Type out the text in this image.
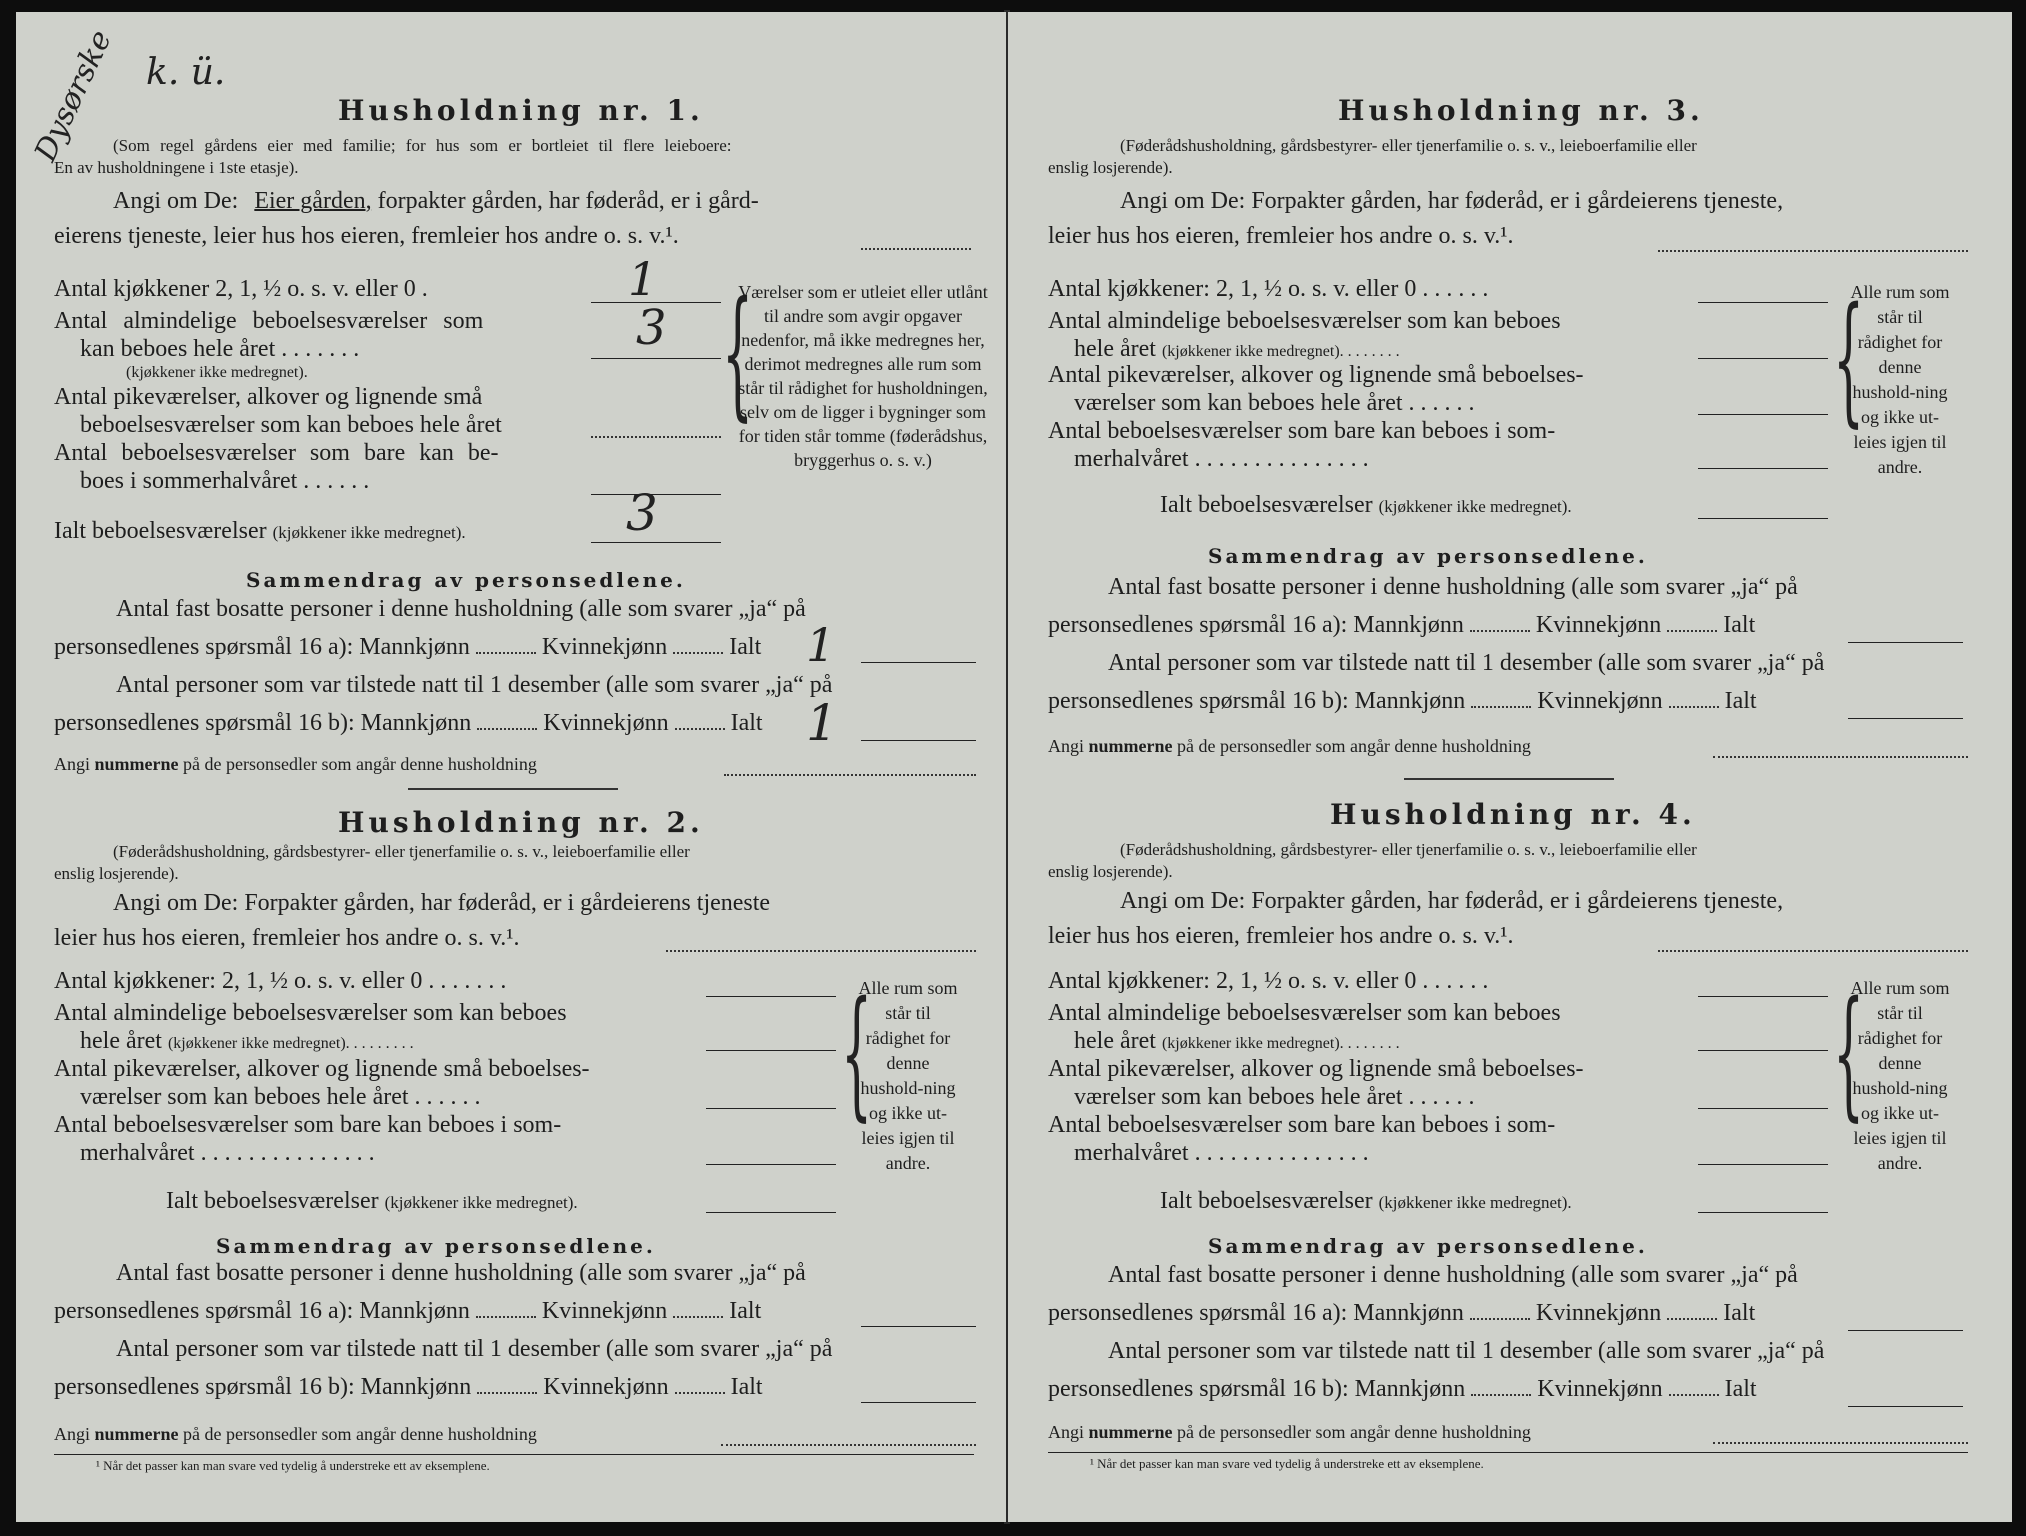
Dysørske k. ü.
Husholdning nr. 1.
(Som regel gårdens eier med familie; for hus som er bortleiet til flere leieboere:
En av husholdningene i 1ste etasje).
Angi om De: Eier gården, forpakter gården, har føderåd, er i gård-
eierens tjeneste, leier hus hos eieren, fremleier hos andre o. s. v.¹.
Antal kjøkkener 2, 1, ½ o. s. v. eller 0 .	1
Antal almindelige beboelsesværelser som
kan beboes hele året . . . . . . .
(kjøkkener ikke medregnet).
3
Antal pikeværelser, alkover og lignende små
beboelsesværelser som kan beboes hele året
Antal beboelsesværelser som bare kan be-
boes i sommerhalvåret . . . . . .
Ialt beboelsesværelser (kjøkkener ikke medregnet).	3
{
Værelser som er utleiet eller utlånt til andre som avgir opgaver nedenfor, må ikke medregnes her, derimot medregnes alle rum som står til rådighet for husholdningen, selv om de ligger i bygninger som for tiden står tomme (føderådshus, bryggerhus o. s. v.)
Sammendrag av personsedlene.
Antal fast bosatte personer i denne husholdning (alle som svarer „ja“ på
personsedlenes spørsmål 16 a): Mannkjønn	Kvinnekjønn	Ialt 1
Antal personer som var tilstede natt til 1 desember (alle som svarer „ja“ på
personsedlenes spørsmål 16 b): Mannkjønn	Kvinnekjønn	Ialt 1
Angi nummerne på de personsedler som angår denne husholdning
Husholdning nr. 2.
(Føderådshusholdning, gårdsbestyrer- eller tjenerfamilie o. s. v., leieboerfamilie eller
enslig losjerende).
Angi om De: Forpakter gården, har føderåd, er i gårdeierens tjeneste
leier hus hos eieren, fremleier hos andre o. s. v.¹.
Antal kjøkkener: 2, 1, ½ o. s. v. eller 0 . . . . . . .
Antal almindelige beboelsesværelser som kan beboes
hele året (kjøkkener ikke medregnet). . . . . . . . .
Antal pikeværelser, alkover og lignende små beboelses-
værelser som kan beboes hele året . . . . . .
Antal beboelsesværelser som bare kan beboes i som-
merhalvåret . . . . . . . . . . . . . . .
Ialt beboelsesværelser (kjøkkener ikke medregnet).
{
Alle rum som står til rådighet for denne hushold-ning og ikke ut-leies igjen til andre.
Sammendrag av personsedlene.
Antal fast bosatte personer i denne husholdning (alle som svarer „ja“ på
personsedlenes spørsmål 16 a): Mannkjønn	Kvinnekjønn	Ialt
Antal personer som var tilstede natt til 1 desember (alle som svarer „ja“ på
personsedlenes spørsmål 16 b): Mannkjønn	Kvinnekjønn	Ialt
Angi nummerne på de personsedler som angår denne husholdning
¹ Når det passer kan man svare ved tydelig å understreke ett av eksemplene.
Husholdning nr. 3.
(Føderådshusholdning, gårdsbestyrer- eller tjenerfamilie o. s. v., leieboerfamilie eller
enslig losjerende).
Angi om De: Forpakter gården, har føderåd, er i gårdeierens tjeneste,
leier hus hos eieren, fremleier hos andre o. s. v.¹.
Antal kjøkkener: 2, 1, ½ o. s. v. eller 0 . . . . . .
Antal almindelige beboelsesværelser som kan beboes
hele året (kjøkkener ikke medregnet). . . . . . . .
Antal pikeværelser, alkover og lignende små beboelses-
værelser som kan beboes hele året . . . . . .
Antal beboelsesværelser som bare kan beboes i som-
merhalvåret . . . . . . . . . . . . . . .
Ialt beboelsesværelser (kjøkkener ikke medregnet).
{
Alle rum som står til rådighet for denne hushold-ning og ikke ut-leies igjen til andre.
Sammendrag av personsedlene.
Antal fast bosatte personer i denne husholdning (alle som svarer „ja“ på
personsedlenes spørsmål 16 a): Mannkjønn	Kvinnekjønn	Ialt
Antal personer som var tilstede natt til 1 desember (alle som svarer „ja“ på
personsedlenes spørsmål 16 b): Mannkjønn	Kvinnekjønn	Ialt
Angi nummerne på de personsedler som angår denne husholdning
Husholdning nr. 4.
(Føderådshusholdning, gårdsbestyrer- eller tjenerfamilie o. s. v., leieboerfamilie eller
enslig losjerende).
Angi om De: Forpakter gården, har føderåd, er i gårdeierens tjeneste,
leier hus hos eieren, fremleier hos andre o. s. v.¹.
Antal kjøkkener: 2, 1, ½ o. s. v. eller 0 . . . . . .
Antal almindelige beboelsesværelser som kan beboes
hele året (kjøkkener ikke medregnet). . . . . . . .
Antal pikeværelser, alkover og lignende små beboelses-
værelser som kan beboes hele året . . . . . .
Antal beboelsesværelser som bare kan beboes i som-
merhalvåret . . . . . . . . . . . . . . .
Ialt beboelsesværelser (kjøkkener ikke medregnet).
{
Alle rum som står til rådighet for denne hushold-ning og ikke ut-leies igjen til andre.
Sammendrag av personsedlene.
Antal fast bosatte personer i denne husholdning (alle som svarer „ja“ på
personsedlenes spørsmål 16 a): Mannkjønn	Kvinnekjønn	Ialt
Antal personer som var tilstede natt til 1 desember (alle som svarer „ja“ på
personsedlenes spørsmål 16 b): Mannkjønn	Kvinnekjønn	Ialt
Angi nummerne på de personsedler som angår denne husholdning
¹ Når det passer kan man svare ved tydelig å understreke ett av eksemplene.
